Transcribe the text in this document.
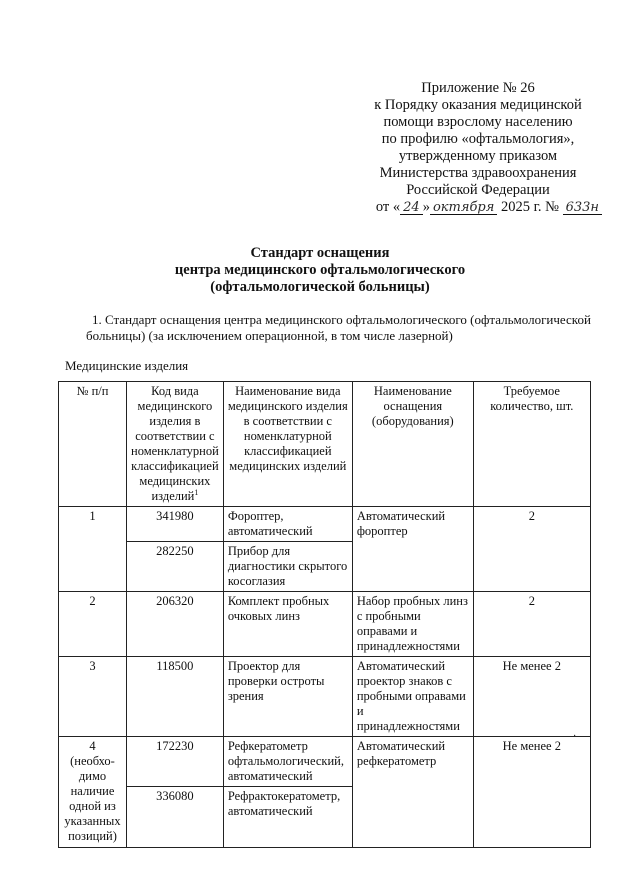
Приложение № 26
к Порядку оказания медицинской
помощи взрослому населению
по профилю «офтальмология»,
утвержденному приказом
Министерства здравоохранения
Российской Федерации
от « 24 » октября 2025 г. № 633н
Стандарт оснащения
центра медицинского офтальмологического
(офтальмологической больницы)
1. Стандарт оснащения центра медицинского офтальмологического (офтальмологической
больницы) (за исключением операционной, в том числе лазерной)
Медицинские изделия
№ п/п	Код вида медицинского изделия в соответствии с номенклатурной классификацией медицинских изделий$^1$	Наименование вида медицинского изделия в соответствии с номенклатурной классификацией медицинских изделий	Наименование оснащения (оборудования)	Требуемое количество, шт.
1	341980	Фороптер, автоматический	Автоматический фороптер	2
	282250	Прибор для диагностики скрытого косоглазия		
2	206320	Комплект пробных очковых линз	Набор пробных линз с пробными оправами и принадлежностями	2
3	118500	Проектор для проверки остроты зрения	Автоматический проектор знаков с пробными оправами и принадлежностями	Не менее 2

4
(необхо-димо наличие одной из указанных позиций)	172230	Рефкератометр офтальмологический, автоматический	Автоматический рефкератометр	Не менее 2
	336080	Рефрактокератометр, автоматический		
·
